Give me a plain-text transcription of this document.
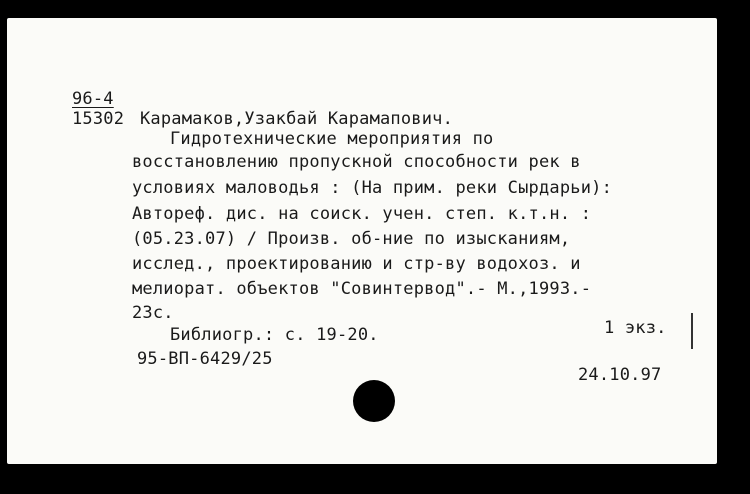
96-4
15302 Карамаков,Узакбай Карамапович.
Гидротехнические мероприятия по
восстановлению пропускной способности рек в
условиях маловодья : (На прим. реки Сырдарьи):
Автореф. дис. на соиск. учен. степ. к.т.н. :
(05.23.07) / Произв. об-ние по изысканиям,
исслед., проектированию и стр-ву водохоз. и
мелиорат. объектов "Совинтервод".- М.,1993.-
23с.
Библиогр.: с. 19-20.	1 экз.
95-ВП-6429/25
24.10.97
